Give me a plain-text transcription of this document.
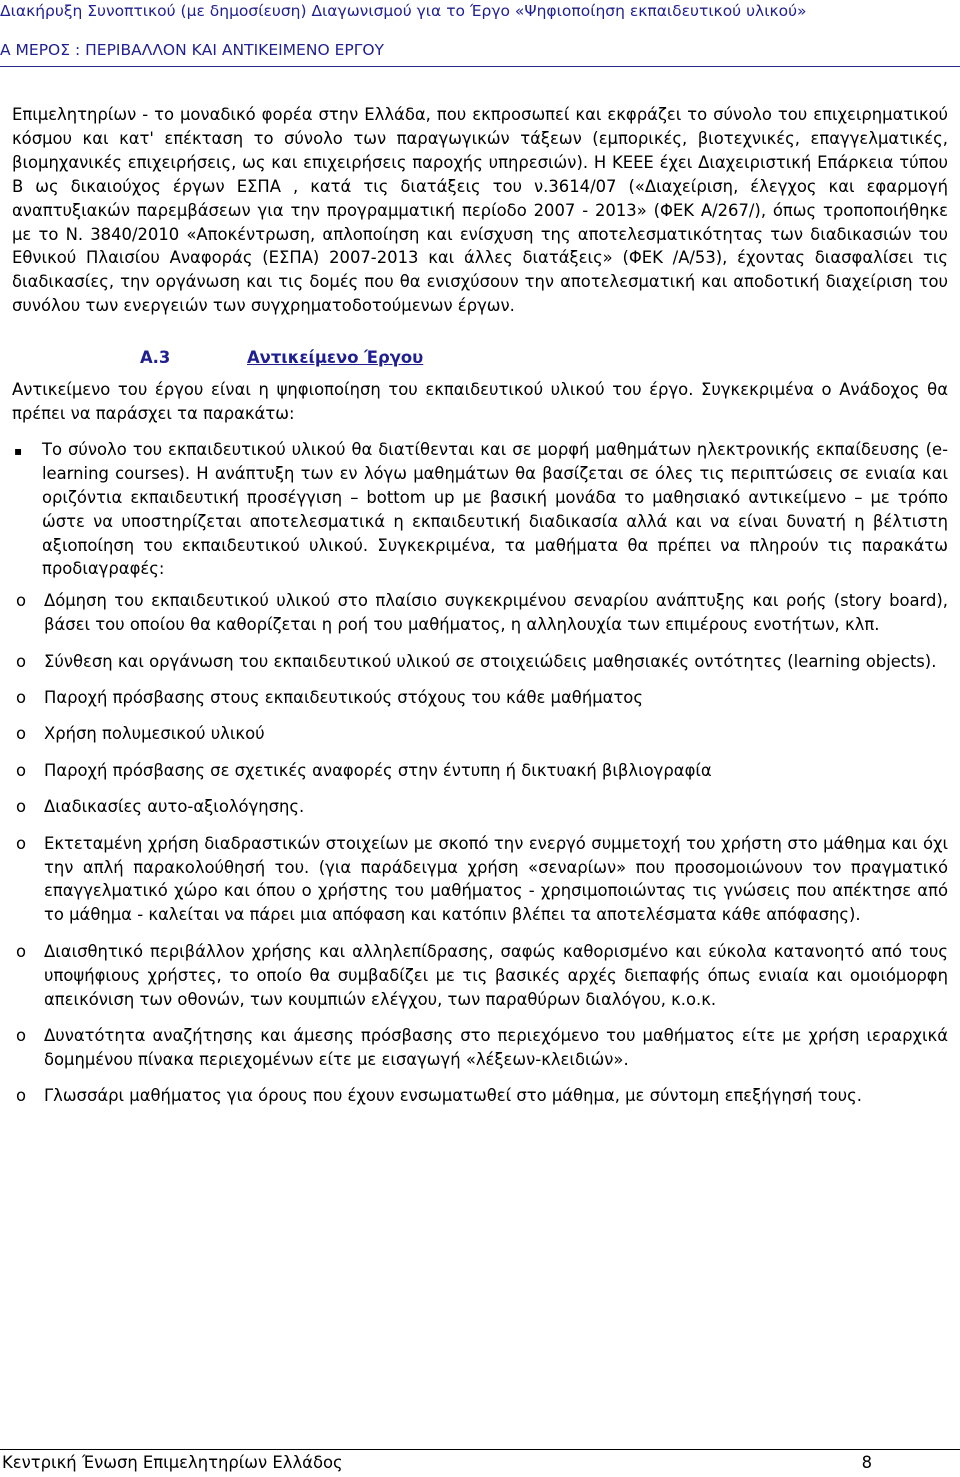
Διακήρυξη Συνοπτικού (με δημοσίευση) Διαγωνισμού για το Έργο «Ψηφιοποίηση εκπαιδευτικού υλικού»
Α ΜΕΡΟΣ : ΠΕΡΙΒΑΛΛΟΝ ΚΑΙ ΑΝΤΙΚΕΙΜΕΝΟ ΕΡΓΟΥ

Επιμελητηρίων - το μοναδικό φορέα στην Ελλάδα, που εκπροσωπεί και εκφράζει το σύνολο του επιχειρηματικού κόσμου και κατ' επέκταση το σύνολο των παραγωγικών τάξεων (εμπορικές, βιοτεχνικές, επαγγελματικές, βιομηχανικές επιχειρήσεις, ως και επιχειρήσεις παροχής υπηρεσιών). Η ΚΕΕΕ έχει Διαχειριστική Επάρκεια τύπου Β ως δικαιούχος έργων ΕΣΠΑ , κατά τις διατάξεις του ν.3614/07 («Διαχείριση, έλεγχος και εφαρμογή αναπτυξιακών παρεμβάσεων για την προγραμματική περίοδο 2007 - 2013» (ΦΕΚ Α/267/), όπως τροποποιήθηκε με το Ν. 3840/2010 «Αποκέντρωση, απλοποίηση και ενίσχυση της αποτελεσματικότητας των διαδικασιών του Εθνικού Πλαισίου Αναφοράς (ΕΣΠΑ) 2007-2013 και άλλες διατάξεις» (ΦΕΚ /Α/53), έχοντας διασφαλίσει τις διαδικασίες, την οργάνωση και τις δομές που θα ενισχύσουν την αποτελεσματική και αποδοτική διαχείριση του συνόλου των ενεργειών των συγχρηματοδοτούμενων έργων.

Α.3	Αντικείμενο Έργου

Αντικείμενο του έργου είναι η ψηφιοποίηση του εκπαιδευτικού υλικού του έργο. Συγκεκριμένα ο Ανάδοχος θα πρέπει να παράσχει τα παρακάτω:

▪	Το σύνολο του εκπαιδευτικού υλικού θα διατίθενται και σε μορφή μαθημάτων ηλεκτρονικής εκπαίδευσης (e-learning courses). Η ανάπτυξη των εν λόγω μαθημάτων θα βασίζεται σε όλες τις περιπτώσεις σε ενιαία και οριζόντια εκπαιδευτική προσέγγιση – bottom up με βασική μονάδα το μαθησιακό αντικείμενο – με τρόπο ώστε να υποστηρίζεται αποτελεσματικά η εκπαιδευτική διαδικασία αλλά και να είναι δυνατή η βέλτιστη αξιοποίηση του εκπαιδευτικού υλικού. Συγκεκριμένα, τα μαθήματα θα πρέπει να πληρούν τις παρακάτω προδιαγραφές:

o	Δόμηση του εκπαιδευτικού υλικού στο πλαίσιο συγκεκριμένου σεναρίου ανάπτυξης και ροής (story board), βάσει του οποίου θα καθορίζεται η ροή του μαθήματος, η αλληλουχία των επιμέρους ενοτήτων, κλπ.

o	Σύνθεση και οργάνωση του εκπαιδευτικού υλικού σε στοιχειώδεις μαθησιακές οντότητες (learning objects).

o	Παροχή πρόσβασης στους εκπαιδευτικούς στόχους του κάθε μαθήματος

o	Χρήση πολυμεσικού υλικού

o	Παροχή πρόσβασης σε σχετικές αναφορές στην έντυπη ή δικτυακή βιβλιογραφία

o	Διαδικασίες αυτο-αξιολόγησης.

o	Εκτεταμένη χρήση διαδραστικών στοιχείων με σκοπό την ενεργό συμμετοχή του χρήστη στο μάθημα και όχι την απλή παρακολούθησή του. (για παράδειγμα χρήση «σεναρίων» που προσομοιώνουν τον πραγματικό επαγγελματικό χώρο και όπου ο χρήστης του μαθήματος - χρησιμοποιώντας τις γνώσεις που απέκτησε από το μάθημα - καλείται να πάρει μια απόφαση και κατόπιν βλέπει τα αποτελέσματα κάθε απόφασης).

o	Διαισθητικό περιβάλλον χρήσης και αλληλεπίδρασης, σαφώς καθορισμένο και εύκολα κατανοητό από τους υποψήφιους χρήστες, το οποίο θα συμβαδίζει με τις βασικές αρχές διεπαφής όπως ενιαία και ομοιόμορφη απεικόνιση των οθονών, των κουμπιών ελέγχου, των παραθύρων διαλόγου, κ.ο.κ.

o	Δυνατότητα αναζήτησης και άμεσης πρόσβασης στο περιεχόμενο του μαθήματος είτε με χρήση ιεραρχικά δομημένου πίνακα περιεχομένων είτε με εισαγωγή «λέξεων-κλειδιών».

o	Γλωσσάρι μαθήματος για όρους που έχουν ενσωματωθεί στο μάθημα, με σύντομη επεξήγησή τους.

Κεντρική Ένωση Επιμελητηρίων Ελλάδος	8
